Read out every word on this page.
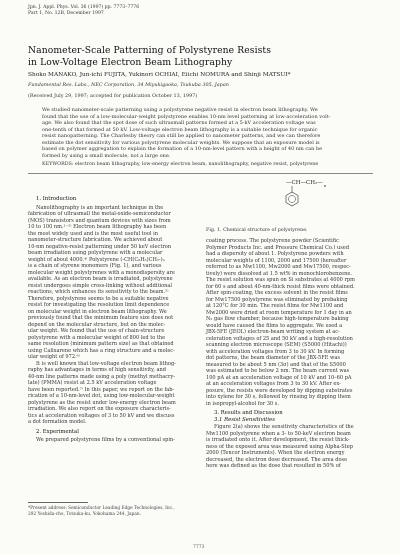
Jpn. J. Appl. Phys. Vol. 36 (1997) pp. 7773–7776
Part 1, No. 12B, December 1997
Nanometer-Scale Patterning of Polystyrene Resists
in Low-Voltage Electron Beam Lithography
Shoko MANAKO, Jun-ichi FUJITA, Yukinori OCHIAI, Eiichi NOMURA and Shinji MATSUI*
Fundamental Res. Labs., NEC Corporation, 34 Miyukigaoka, Tsukuba 305, Japan
(Received July 29, 1997; accepted for publication October 13, 1997)
We studied nanometer-scale patterning using a polystyrene negative resist in electron beam lithography. We
found that the use of a low-molecular-weight polystyrene enables 10-nm level patterning at low-acceleration volt-
age. We also found that the spot dose of such ultrasmall patterns formed at a 5-kV acceleration voltage was
one-tenth of that formed at 50 kV. Low-voltage electron beam lithography is a suitable technique for organic
resist nanopatterning. The Charlesby theory can still be applied to nanometer patterns, and we can therefore
estimate the dot sensitivity for various polystyrene molecular weights. We suppose that an exposure model is
based on polymer aggregation to explain the formation of a 10-nm-level pattern with a height of 40 nm can be
formed by using a small molecule, not a large one.
KEYWORDS: electron beam lithography, low-energy electron beam, nanolithography, negative resist, polystyrene
1. Introduction
Nanolithography is an important technique in the
fabrication of ultrasmall the metal-oxide-semiconductor
(MOS) transistors and quantum devices with sizes from
10 to 100 nm.¹⁻³⁾ Electron beam lithography has been
the most widely used and is the most useful tool in
nanometer-structure fabrication. We achieved about
10-nm negative-resist patterning under 50 keV electron
beam irradiation using polystyrene with a molecular
weight of about 4000.⁴⁾ Polystyrene (-CH(C₆H₅)CH₂-)ₙ
is a chain of styrene monomers (Fig. 1), and various
molecular weight polystyrenes with a monodispersity are
available. As an electron beam is irradiated, polystyrene
resist undergoes simple cross-linking without additional
reactions, which enhances its sensitivity to the beam.⁵⁾
Therefore, polystyrene seems to be a suitable negative
resist for investigating the resolution limit dependence
on molecular weight in electron beam lithography. We
previously found that the minimum feature size does not
depend on the molecular structure, but on the molec-
ular weight. We found that the use of chain-structure
polystyrene with a molecular weight of 800 led to the
same resolution (minimum pattern size) as that obtained
using Calixarene which has a ring structure and a molec-
ular weight of 972.⁶⁾
It is well known that low-voltage electron beam lithog-
raphy has advantages in terms of high sensitivity, and
40-nm line patterns made using a poly (methyl methacry-
late) (PMMA) resist at 2.5 kV acceleration voltage
have been reported.⁷⁾ In this paper, we report on the fab-
rication of a 10-nm-level dot, using low-molecular-weight
polystyrene as the resist under low-energy electron beam
irradiation. We also report on the exposure characteris-
tics at acceleration voltages of 3 to 50 kV and we discuss
a dot formation model.
2. Experimental
We prepared polystyrene films by a conventional spin-
—CH—CH₂— n
Fig. 1. Chemical structure of polystyrene.
coating process. The polystyrene powder (Scientific
Polymer Products Inc. and Pressure Chemical Co.) used
had a dispersity of about 1. Polystyrene powders with
molecular weights of 1100, 2000 and 17500 (hereafter
referred to as Mw1100, Mw2000 and Mw17500, respec-
tively) were dissolved at 1.5 wt% in monochlorobenzene.
The resist solution was spun on Si substrates at 4000 rpm
for 60 s and about 40-nm-thick resist films were obtained.
After spin-coating, the excess solvent in the resist films
for Mw17500 polystyrene was eliminated by prebaking
at 120°C for 30 min. The resist films for Mw1100 and
Mw2000 were dried at room temperature for 1 day in an
N₂ gas flow chamber, because high-temperature baking
would have caused the films to aggregate. We used a
JBX-5FE (JEOL) electron-beam writing system at ac-
celeration voltages of 25 and 50 kV and a high-resolution
scanning electron microscope (SEM) (S5000 (Hitachi))
with acceleration voltages from 3 to 30 kV. In forming
dot patterns, the beam diameter of the JBX-5FE was
measured to be about 5 nm (3σ) and that of the S5000
was estimated to be below 2 nm. The beam current was
100 pA at an acceleration voltage of 10 kV and 10–60 pA
at an acceleration voltages from 3 to 30 kV. After ex-
posure, the resists were developed by dipping substrates
into xylene for 30 s, followed by rinsing by dipping them
in isopropyl-alcohol for 30 s.
3. Results and Discussion
3.1 Resist Sensitivities
Figure 2(a) shows the sensitivity characteristics of the
Mw1100 polystyrene when a 3- to 50-keV electron beam
is irradiated onto it. After development, the resist thick-
ness of the exposed area was measured using Alpha-Step
2000 (Tencor Instruments). When the electron energy
decreased, the electron dose decreased. The area dose
here was defined as the dose that resulted in 50% of
*Present address: Semiconductor Leading Edge Technologies, Inc.,
292 Yoshida-cho, Totsuka-ku, Yokohama 244, Japan.
7773
